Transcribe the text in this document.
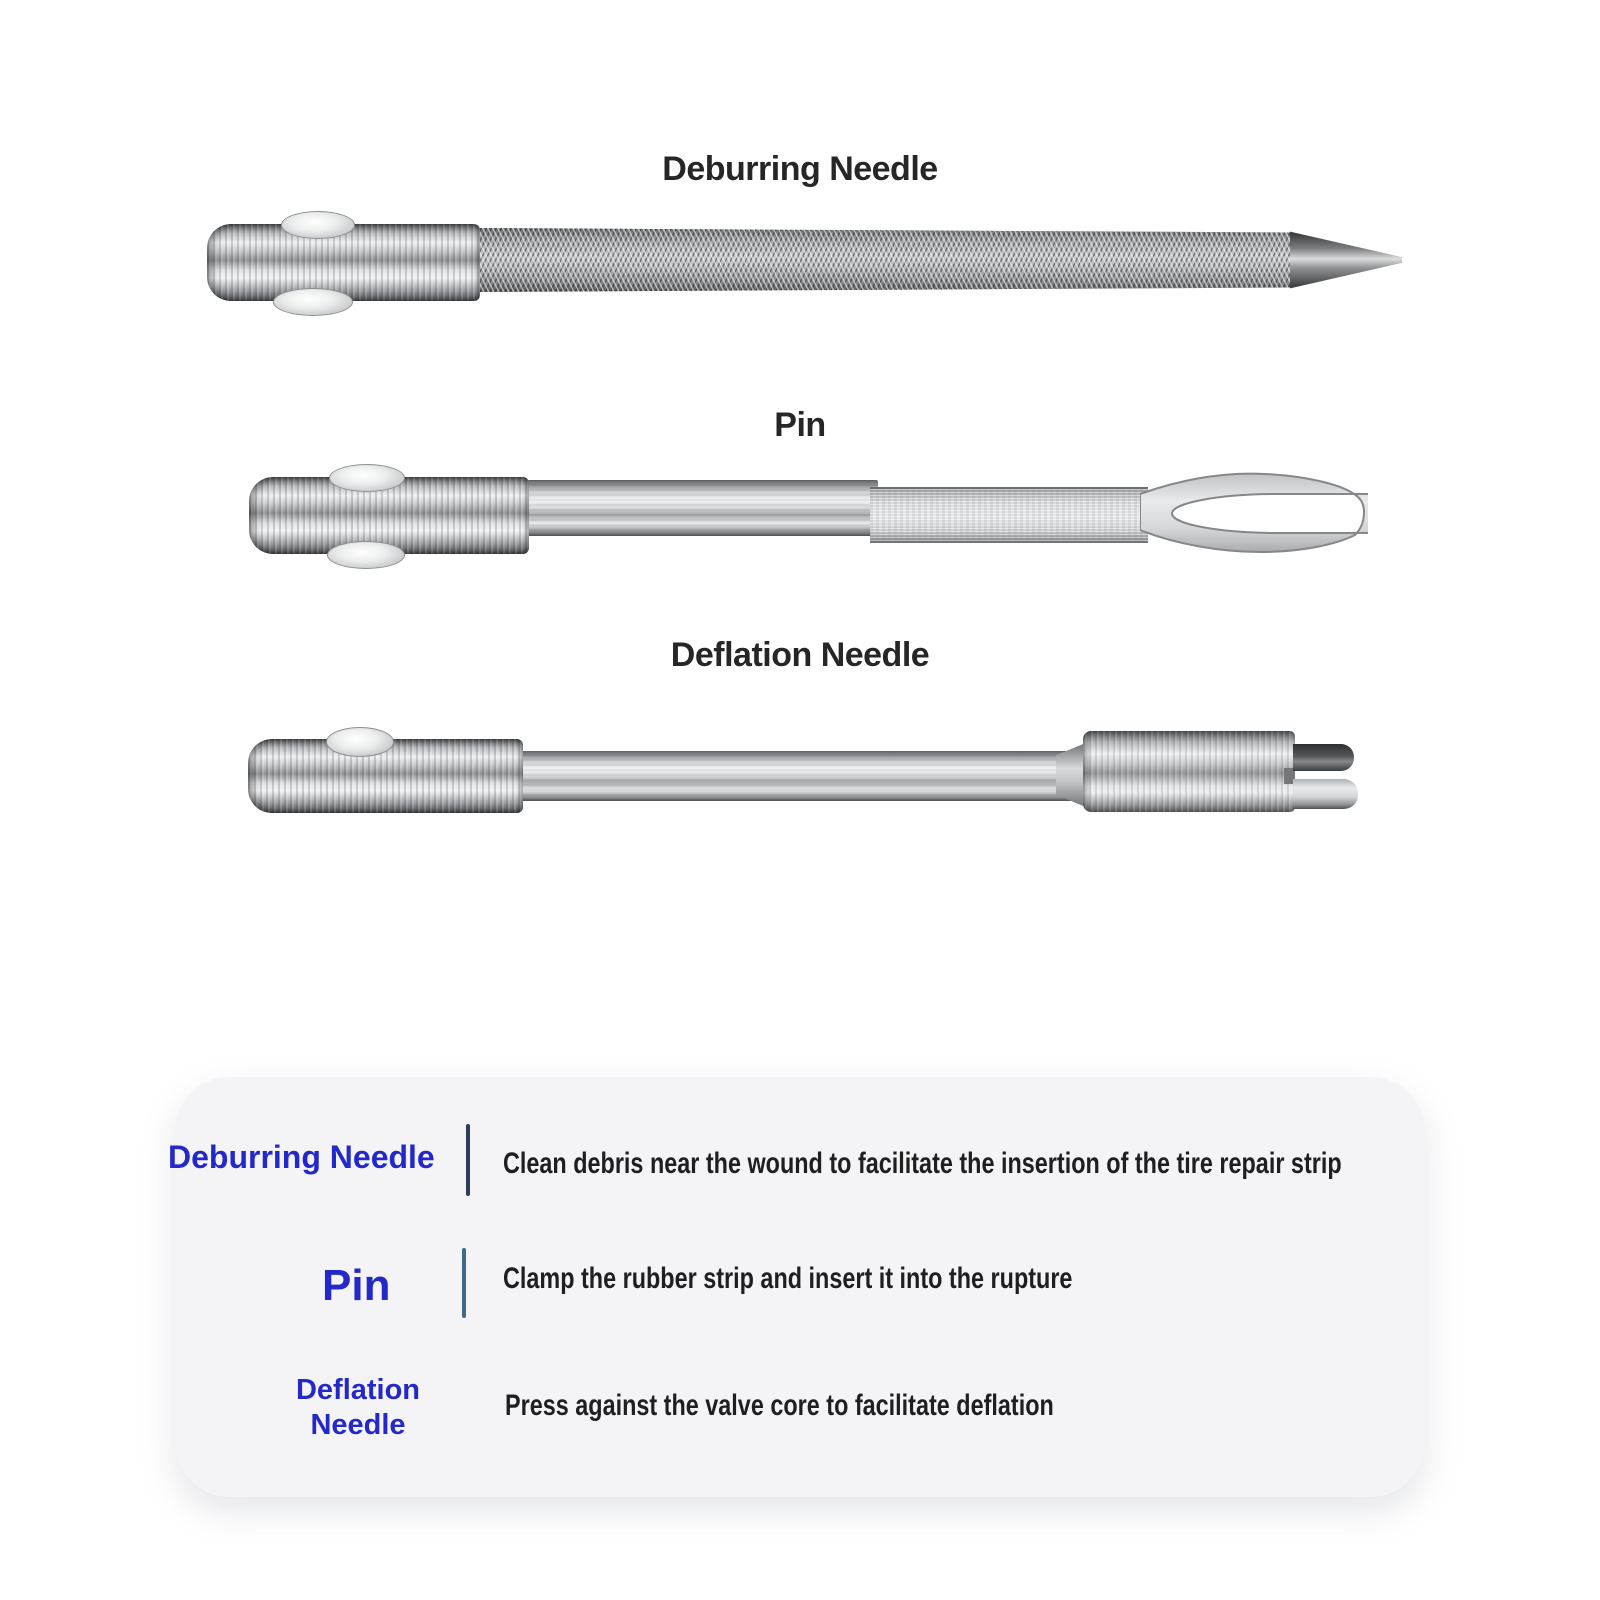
Deburring Needle
Pin
Deflation Needle
Deburring Needle Clean debris near the wound to facilitate the insertion of the tire repair strip
Pin	Clamp the rubber strip and insert it into the rupture
Deflation Needle
Press against the valve core to facilitate deflation
